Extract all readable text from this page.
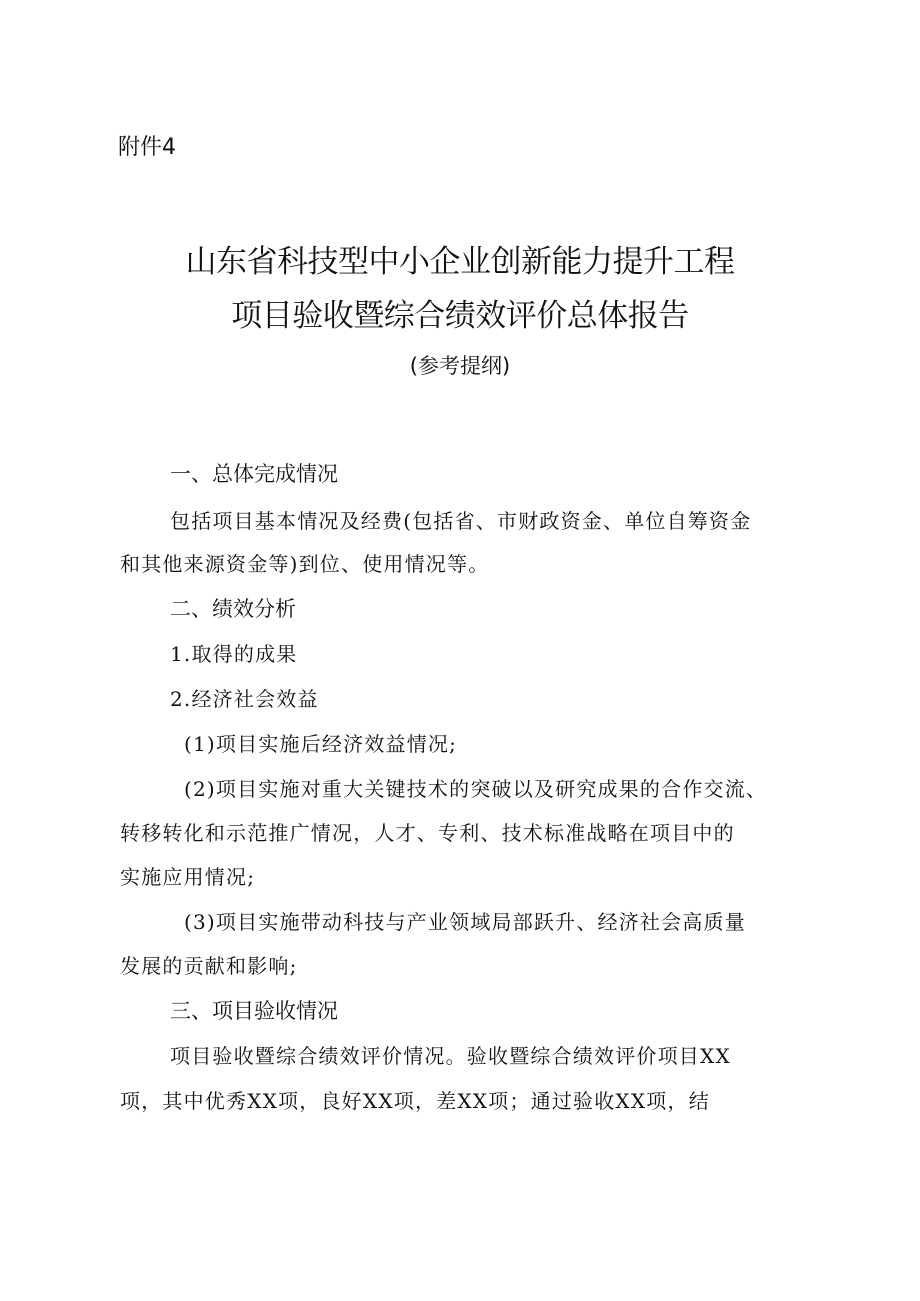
附件4
山东省科技型中小企业创新能力提升工程
项目验收暨综合绩效评价总体报告
(参考提纲)
一、总体完成情况
包括项目基本情况及经费(包括省、市财政资金、单位自筹资金
和其他来源资金等)到位、使用情况等。
二、绩效分析
1.取得的成果
2.经济社会效益
(1)项目实施后经济效益情况;
(2)项目实施对重大关键技术的突破以及研究成果的合作交流、
转移转化和示范推广情况，人才、专利、技术标准战略在项目中的
实施应用情况;
(3)项目实施带动科技与产业领域局部跃升、经济社会高质量
发展的贡献和影响;
三、项目验收情况
项目验收暨综合绩效评价情况。验收暨综合绩效评价项目XX
项，其中优秀XX项，良好XX项，差XX项；通过验收XX项，结
